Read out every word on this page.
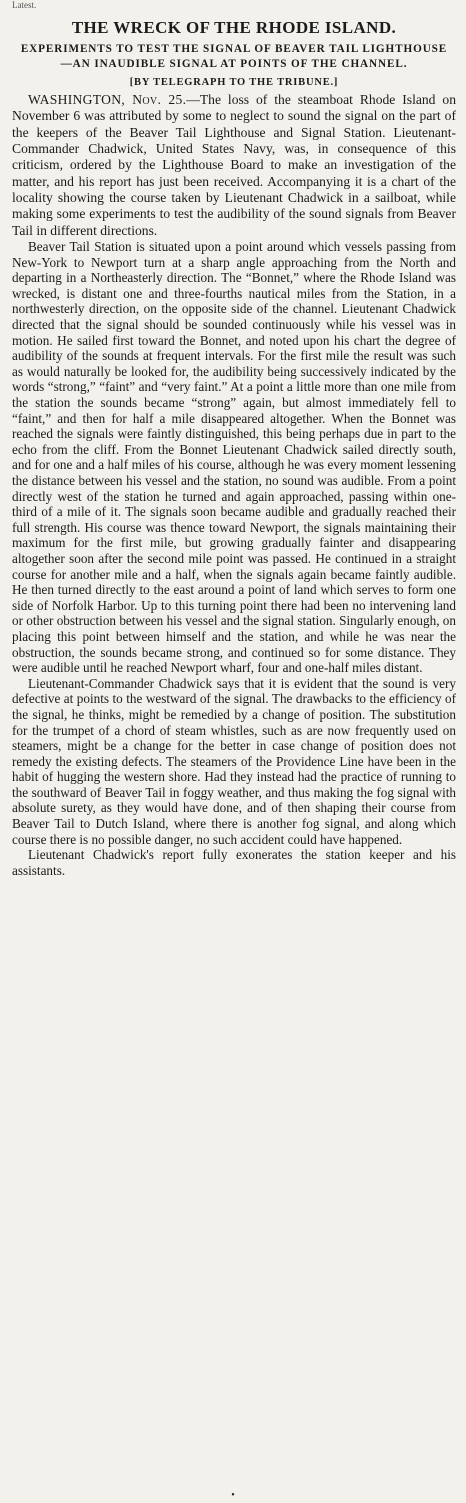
Latest.
THE WRECK OF THE RHODE ISLAND.
EXPERIMENTS TO TEST THE SIGNAL OF BEAVER TAIL LIGHTHOUSE—AN INAUDIBLE SIGNAL AT POINTS OF THE CHANNEL.
[BY TELEGRAPH TO THE TRIBUNE.]

WASHINGTON, Nov. 25.—The loss of the steamboat Rhode Island on November 6 was attributed by some to neglect to sound the signal on the part of the keepers of the Beaver Tail Lighthouse and Signal Station. Lieutenant-Commander Chadwick, United States Navy, was, in consequence of this criticism, ordered by the Lighthouse Board to make an investigation of the matter, and his report has just been received. Accompanying it is a chart of the locality showing the course taken by Lieutenant Chadwick in a sailboat, while making some experiments to test the audibility of the sound signals from Beaver Tail in different directions.

Beaver Tail Station is situated upon a point around which vessels passing from New-York to Newport turn at a sharp angle approaching from the North and departing in a Northeasterly direction. The “Bonnet,” where the Rhode Island was wrecked, is distant one and three-fourths nautical miles from the Station, in a northwesterly direction, on the opposite side of the channel. Lieutenant Chadwick directed that the signal should be sounded continuously while his vessel was in motion. He sailed first toward the Bonnet, and noted upon his chart the degree of audibility of the sounds at frequent intervals. For the first mile the result was such as would naturally be looked for, the audibility being successively indicated by the words “strong,” “faint” and “very faint.” At a point a little more than one mile from the station the sounds became “strong” again, but almost immediately fell to “faint,” and then for half a mile disappeared altogether. When the Bonnet was reached the signals were faintly distinguished, this being perhaps due in part to the echo from the cliff. From the Bonnet Lieutenant Chadwick sailed directly south, and for one and a half miles of his course, although he was every moment lessening the distance between his vessel and the station, no sound was audible. From a point directly west of the station he turned and again approached, passing within one-third of a mile of it. The signals soon became audible and gradually reached their full strength. His course was thence toward Newport, the signals maintaining their maximum for the first mile, but growing gradually fainter and disappearing altogether soon after the second mile point was passed. He continued in a straight course for another mile and a half, when the signals again became faintly audible. He then turned directly to the east around a point of land which serves to form one side of Norfolk Harbor. Up to this turning point there had been no intervening land or other obstruction between his vessel and the signal station. Singularly enough, on placing this point between himself and the station, and while he was near the obstruction, the sounds became strong, and continued so for some distance. They were audible until he reached Newport wharf, four and one-half miles distant.

Lieutenant-Commander Chadwick says that it is evident that the sound is very defective at points to the westward of the signal. The drawbacks to the efficiency of the signal, he thinks, might be remedied by a change of position. The substitution for the trumpet of a chord of steam whistles, such as are now frequently used on steamers, might be a change for the better in case change of position does not remedy the existing defects. The steamers of the Providence Line have been in the habit of hugging the western shore. Had they instead had the practice of running to the southward of Beaver Tail in foggy weather, and thus making the fog signal with absolute surety, as they would have done, and of then shaping their course from Beaver Tail to Dutch Island, where there is another fog signal, and along which course there is no possible danger, no such accident could have happened.

Lieutenant Chadwick's report fully exonerates the station keeper and his assistants.

•
